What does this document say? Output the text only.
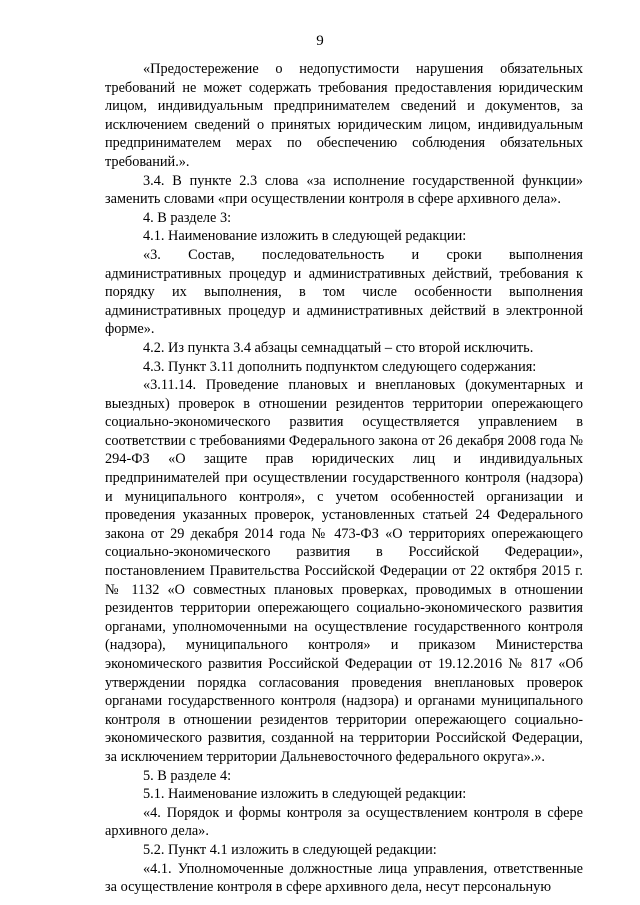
9

«Предостережение о недопустимости нарушения обязательных требований не может содержать требования предоставления юридическим лицом, индивидуальным предпринимателем сведений и документов, за исключением сведений о принятых юридическим лицом, индивидуальным предпринимателем мерах по обеспечению соблюдения обязательных требований.».

3.4. В пункте 2.3 слова «за исполнение государственной функции» заменить словами «при осуществлении контроля в сфере архивного дела».

4. В разделе 3:

4.1. Наименование изложить в следующей редакции:

«3. Состав, последовательность и сроки выполнения административных процедур и административных действий, требования к порядку их выполнения, в том числе особенности выполнения административных процедур и административных действий в электронной форме».

4.2. Из пункта 3.4 абзацы семнадцатый – сто второй исключить.

4.3. Пункт 3.11 дополнить подпунктом следующего содержания:

«3.11.14. Проведение плановых и внеплановых (документарных и выездных) проверок в отношении резидентов территории опережающего социально-экономического развития осуществляется управлением в соответствии с требованиями Федерального закона от 26 декабря 2008 года № 294-ФЗ «О защите прав юридических лиц и индивидуальных предпринимателей при осуществлении государственного контроля (надзора) и муниципального контроля», с учетом особенностей организации и проведения указанных проверок, установленных статьей 24 Федерального закона от 29 декабря 2014 года № 473-ФЗ «О территориях опережающего социально-экономического развития в Российской Федерации», постановлением Правительства Российской Федерации от 22 октября 2015 г. № 1132 «О совместных плановых проверках, проводимых в отношении резидентов территории опережающего социально-экономического развития органами, уполномоченными на осуществление государственного контроля (надзора), муниципального контроля» и приказом Министерства экономического развития Российской Федерации от 19.12.2016 № 817 «Об утверждении порядка согласования проведения внеплановых проверок органами государственного контроля (надзора) и органами муниципального контроля в отношении резидентов территории опережающего социально-экономического развития, созданной на территории Российской Федерации, за исключением территории Дальневосточного федерального округа».».

5. В разделе 4:

5.1. Наименование изложить в следующей редакции:

«4. Порядок и формы контроля за осуществлением контроля в сфере архивного дела».

5.2. Пункт 4.1 изложить в следующей редакции:

«4.1. Уполномоченные должностные лица управления, ответственные за осуществление контроля в сфере архивного дела, несут персональную
